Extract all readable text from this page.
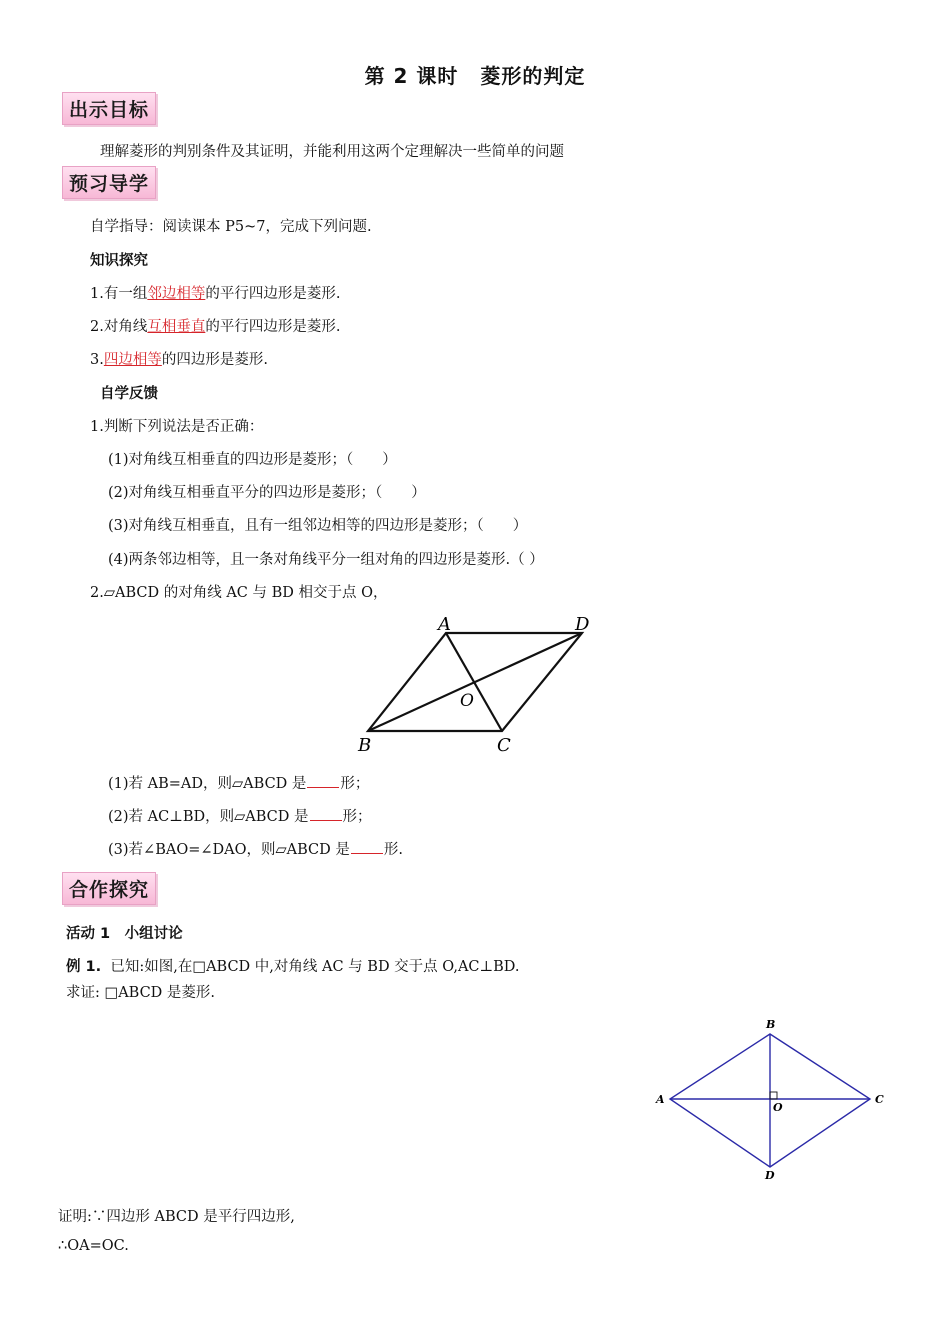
第 2 课时 菱形的判定
出示目标
理解菱形的判别条件及其证明，并能利用这两个定理解决一些简单的问题
预习导学
自学指导：阅读课本 P5~7，完成下列问题.
知识探究
1.有一组邻边相等的平行四边形是菱形.
2.对角线互相垂直的平行四边形是菱形.
3.四边相等的四边形是菱形.
自学反馈
1.判断下列说法是否正确：
(1)对角线互相垂直的四边形是菱形；（　　）
(2)对角线互相垂直平分的四边形是菱形；（　　）
(3)对角线互相垂直，且有一组邻边相等的四边形是菱形；（　　）
(4)两条邻边相等，且一条对角线平分一组对角的四边形是菱形.（ ）
2.▱ABCD 的对角线 AC 与 BD 相交于点 O，
A	D
B	C
O
(1)若 AB=AD，则▱ABCD 是 形；
(2)若 AC⊥BD，则▱ABCD 是 形；
(3)若∠BAO=∠DAO，则▱ABCD 是 形.
合作探究
活动 1　小组讨论
例 1. 已知:如图,在□ABCD 中,对角线 AC 与 BD 交于点 O,AC⊥BD.
求证: □ABCD 是菱形.
B
A	C
D
O
证明:∵四边形 ABCD 是平行四边形,
∴OA=OC.
